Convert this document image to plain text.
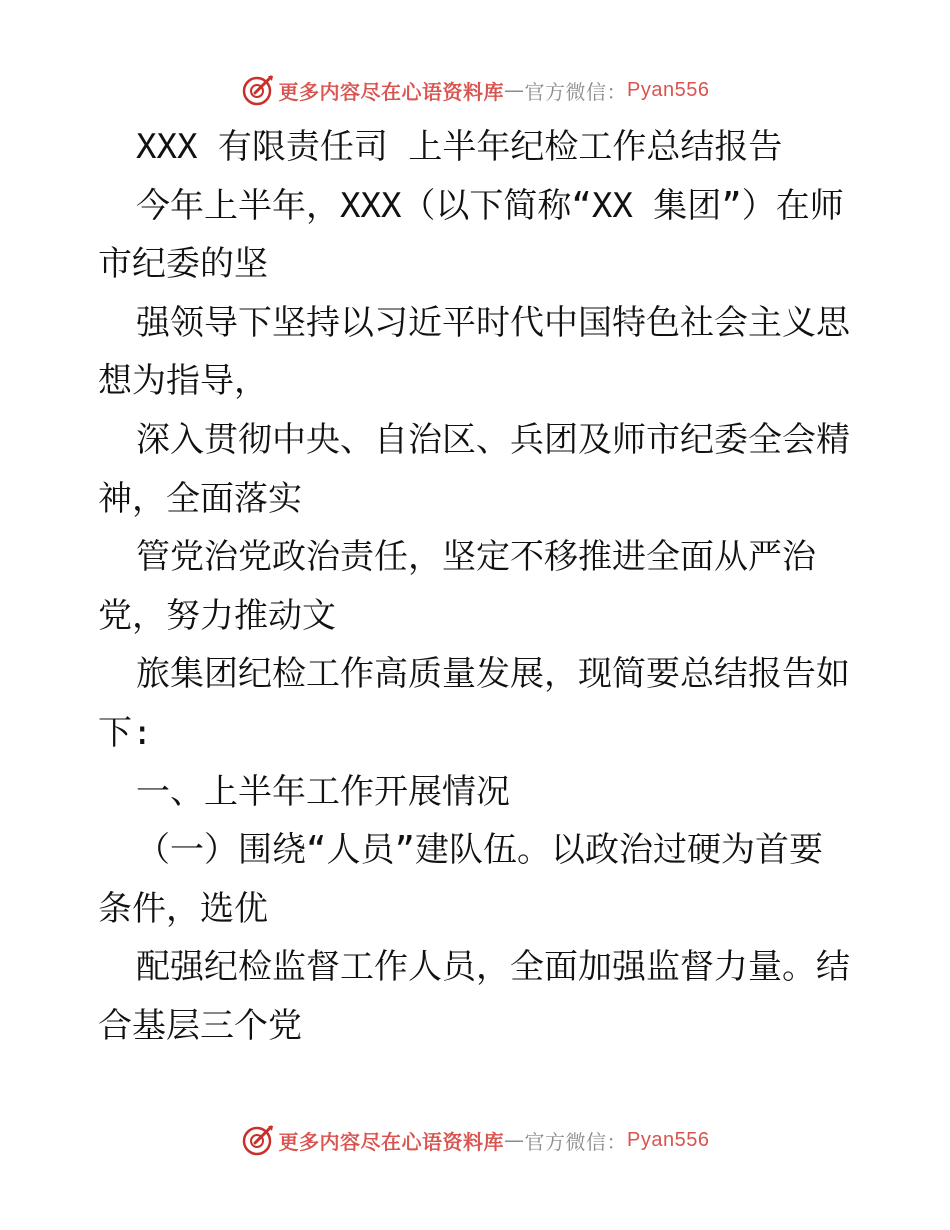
更多内容尽在心语资料库 — 官方微信： Pyan556
XXX 有限责任司 上半年纪检工作总结报告
今年上半年，XXX（以下简称“XX 集团”）在师
市纪委的坚
强领导下坚持以习近平时代中国特色社会主义思
想为指导，
深入贯彻中央、自治区、兵团及师市纪委全会精
神，全面落实
管党治党政治责任，坚定不移推进全面从严治
党，努力推动文
旅集团纪检工作高质量发展，现简要总结报告如
下:
一、上半年工作开展情况
（一）围绕“人员”建队伍。以政治过硬为首要
条件，选优
配强纪检监督工作人员，全面加强监督力量。结
合基层三个党
更多内容尽在心语资料库 — 官方微信： Pyan556
